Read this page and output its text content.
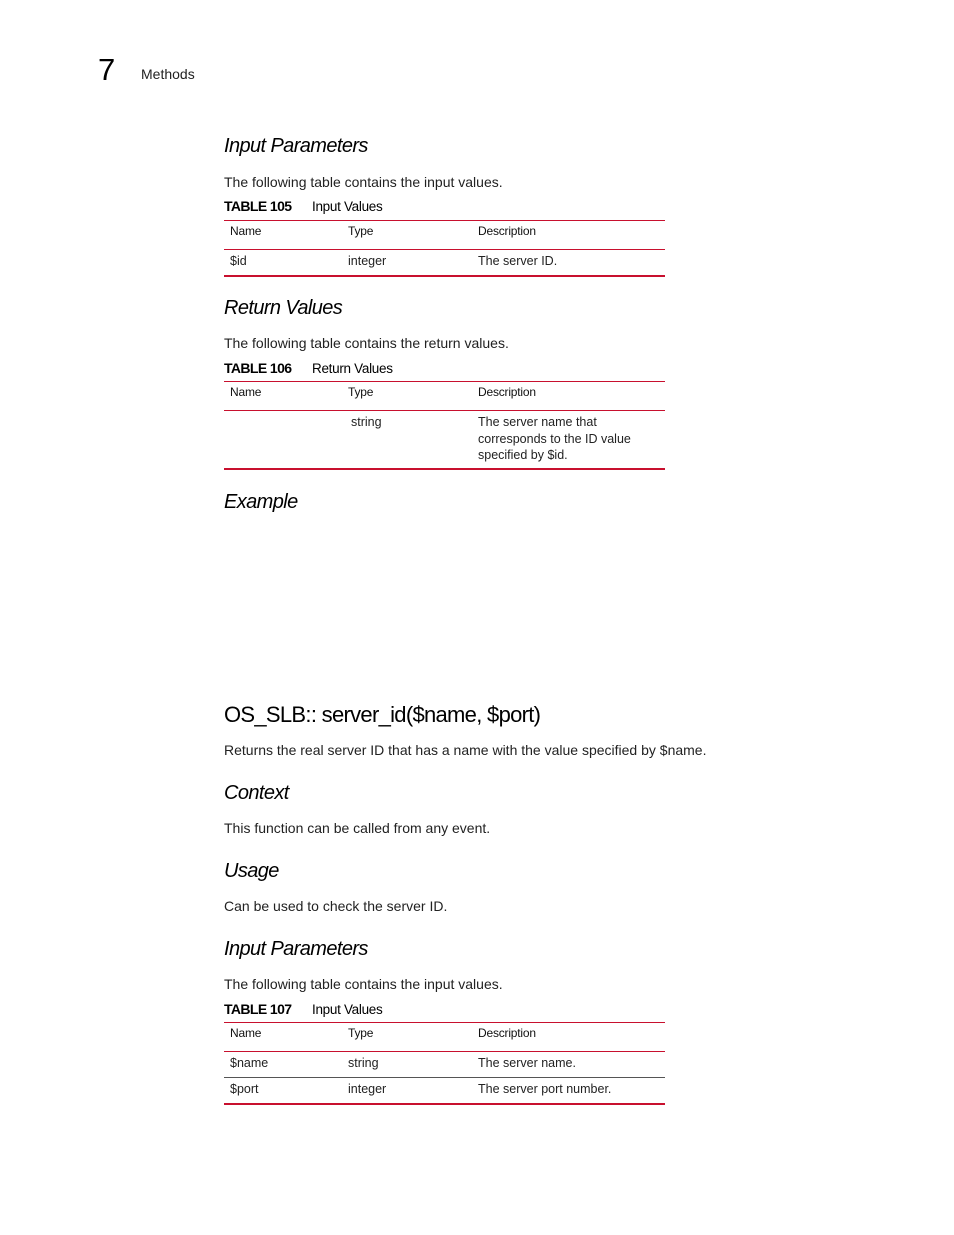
7 Methods
Input Parameters

The following table contains the input values.

TABLE 105 Input Values
Name	Type	Description
$id	integer	The server ID.
Return Values

The following table contains the return values.

TABLE 106 Return Values
Name	Type	Description
	string	The server name that corresponds to the ID value specified by $id.
Example
OS_SLB:: server_id($name, $port)

Returns the real server ID that has a name with the value specified by $name.

Context

This function can be called from any event.

Usage

Can be used to check the server ID.

Input Parameters

The following table contains the input values.

TABLE 107 Input Values
Name	Type	Description
$name	string	The server name.
$port	integer	The server port number.
